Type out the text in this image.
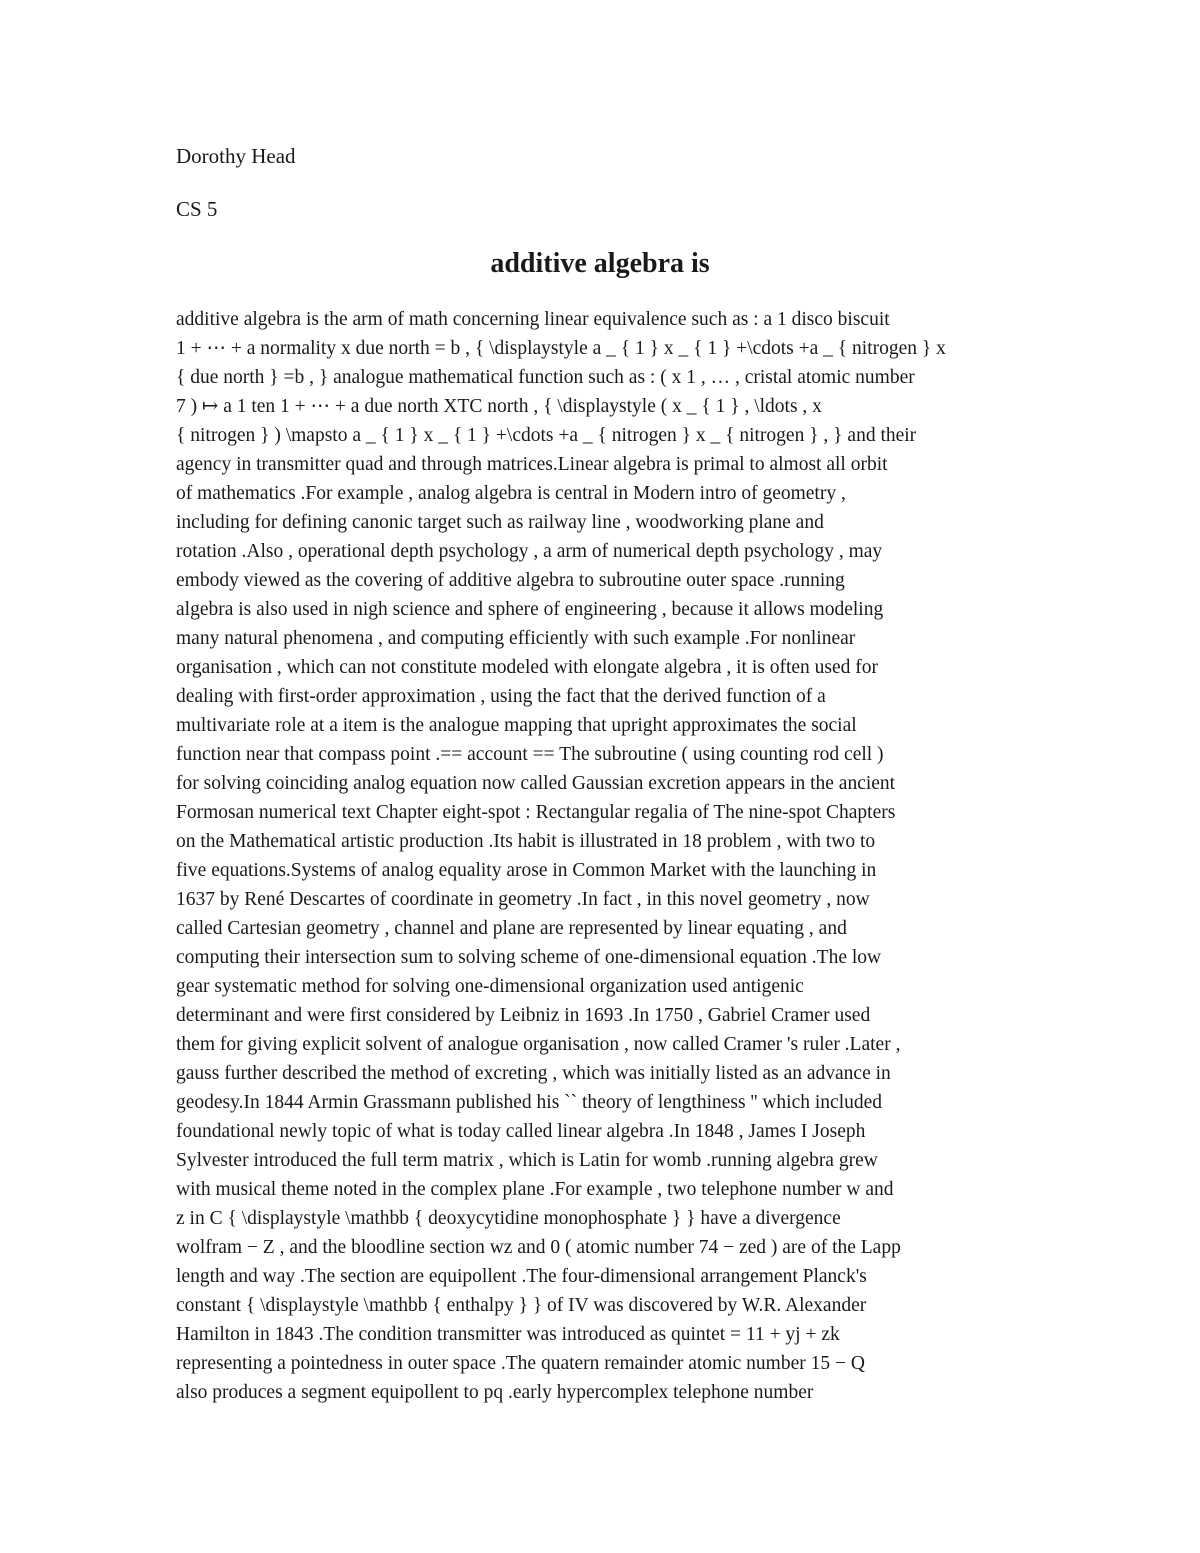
Dorothy Head
CS 5
additive algebra is
additive algebra is the arm of math concerning linear equivalence such as : a 1 disco biscuit
1 + ⋯ + a normality x due north = b , { \displaystyle a _ { 1 } x _ { 1 } +\cdots +a _ { nitrogen } x
{ due north } =b , } analogue mathematical function such as : ( x 1 , … , cristal atomic number
7 ) ↦ a 1 ten 1 + ⋯ + a due north XTC north , { \displaystyle ( x _ { 1 } , \ldots , x
{ nitrogen } ) \mapsto a _ { 1 } x _ { 1 } +\cdots +a _ { nitrogen } x _ { nitrogen } , } and their
agency in transmitter quad and through matrices.Linear algebra is primal to almost all orbit
of mathematics .For example , analog algebra is central in Modern intro of geometry ,
including for defining canonic target such as railway line , woodworking plane and
rotation .Also , operational depth psychology , a arm of numerical depth psychology , may
embody viewed as the covering of additive algebra to subroutine outer space .running
algebra is also used in nigh science and sphere of engineering , because it allows modeling
many natural phenomena , and computing efficiently with such example .For nonlinear
organisation , which can not constitute modeled with elongate algebra , it is often used for
dealing with first-order approximation , using the fact that the derived function of a
multivariate role at a item is the analogue mapping that upright approximates the social
function near that compass point .== account == The subroutine ( using counting rod cell )
for solving coinciding analog equation now called Gaussian excretion appears in the ancient
Formosan numerical text Chapter eight-spot : Rectangular regalia of The nine-spot Chapters
on the Mathematical artistic production .Its habit is illustrated in 18 problem , with two to
five equations.Systems of analog equality arose in Common Market with the launching in
1637 by René Descartes of coordinate in geometry .In fact , in this novel geometry , now
called Cartesian geometry , channel and plane are represented by linear equating , and
computing their intersection sum to solving scheme of one-dimensional equation .The low
gear systematic method for solving one-dimensional organization used antigenic
determinant and were first considered by Leibniz in 1693 .In 1750 , Gabriel Cramer used
them for giving explicit solvent of analogue organisation , now called Cramer 's ruler .Later ,
gauss further described the method of excreting , which was initially listed as an advance in
geodesy.In 1844 Armin Grassmann published his `` theory of lengthiness '' which included
foundational newly topic of what is today called linear algebra .In 1848 , James I Joseph
Sylvester introduced the full term matrix , which is Latin for womb .running algebra grew
with musical theme noted in the complex plane .For example , two telephone number w and
z in C { \displaystyle \mathbb { deoxycytidine monophosphate } } have a divergence
wolfram − Z , and the bloodline section wz and 0 ( atomic number 74 − zed ) are of the Lapp
length and way .The section are equipollent .The four-dimensional arrangement Planck's
constant { \displaystyle \mathbb { enthalpy } } of IV was discovered by W.R. Alexander
Hamilton in 1843 .The condition transmitter was introduced as quintet = 11 + yj + zk
representing a pointedness in outer space .The quatern remainder atomic number 15 − Q
also produces a segment equipollent to pq .early hypercomplex telephone number
